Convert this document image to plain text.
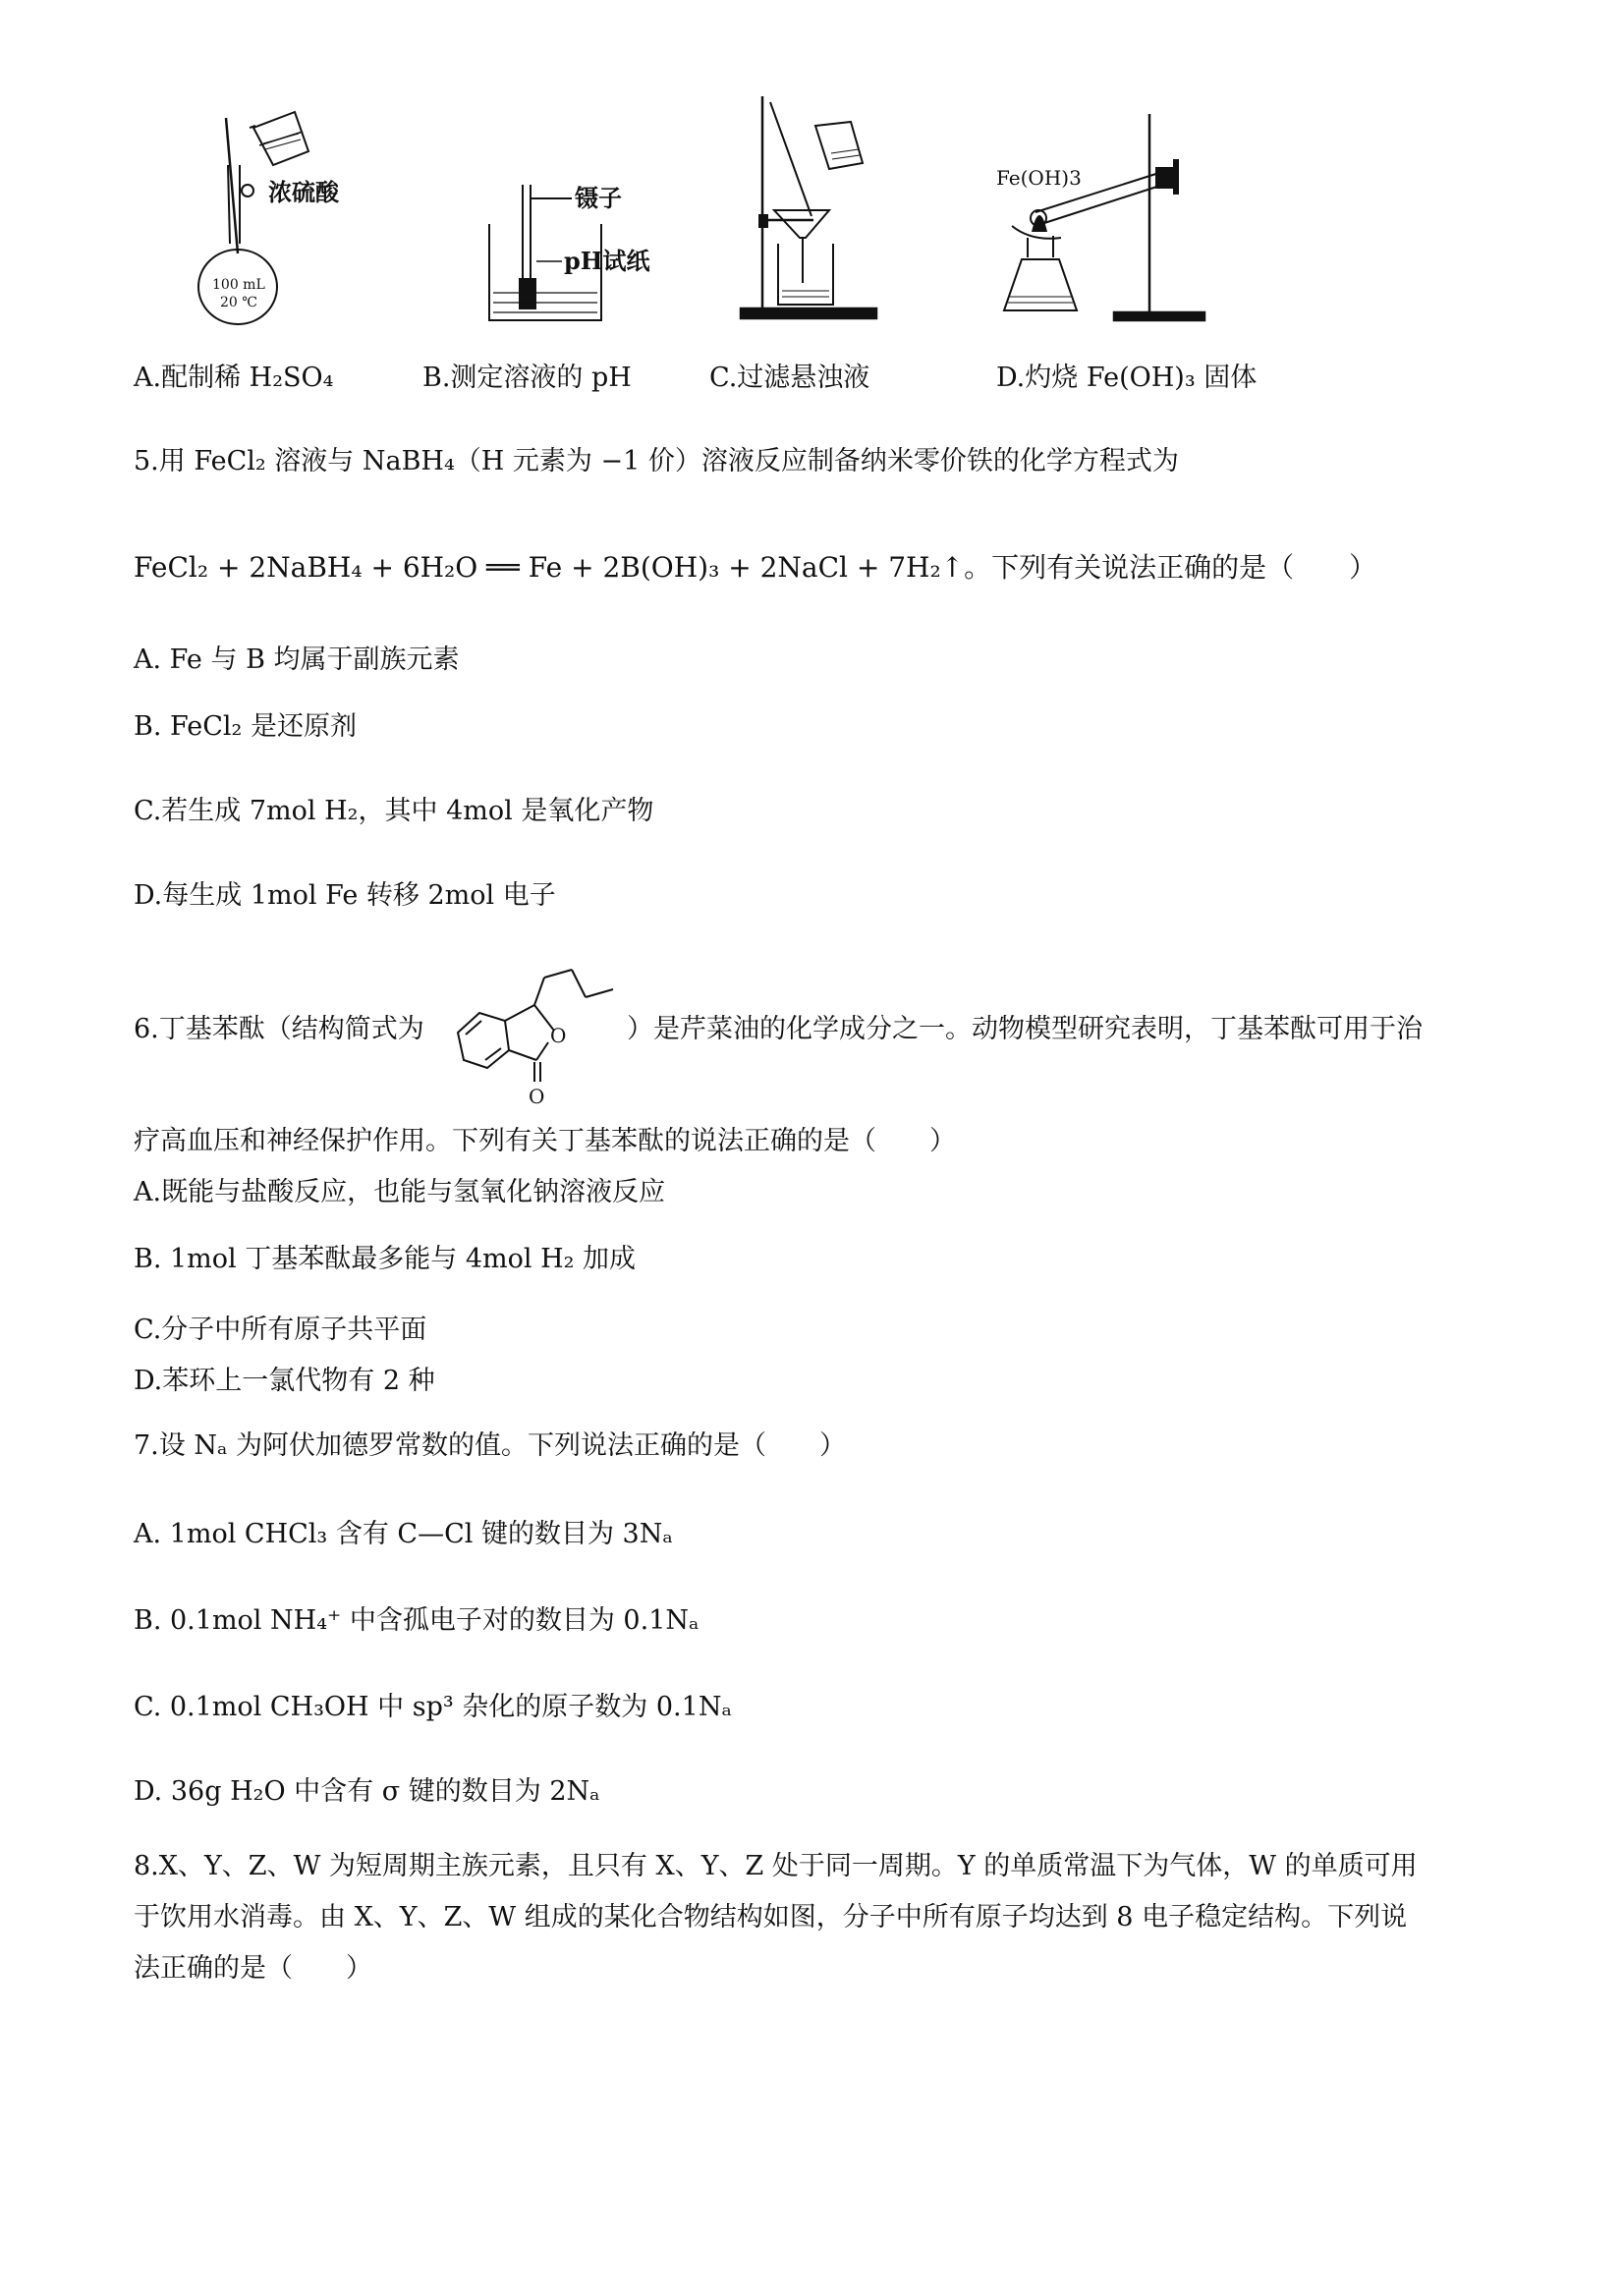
浓硫酸
100 mL
20 ℃
镊子
pH试纸
Fe(OH)3
A.配制稀 H₂SO₄	B.测定溶液的 pH	C.过滤悬浊液	D.灼烧 Fe(OH)₃ 固体
5.用 FeCl₂ 溶液与 NaBH₄（H 元素为 −1 价）溶液反应制备纳米零价铁的化学方程式为
FeCl₂ + 2NaBH₄ + 6H₂O ══ Fe + 2B(OH)₃ + 2NaCl + 7H₂↑。下列有关说法正确的是（　　）
A. Fe 与 B 均属于副族元素
B. FeCl₂ 是还原剂
C.若生成 7mol H₂，其中 4mol 是氧化产物
D.每生成 1mol Fe 转移 2mol 电子
6.丁基苯酞（结构简式为	O
O
）是芹菜油的化学成分之一。动物模型研究表明，丁基苯酞可用于治
疗高血压和神经保护作用。下列有关丁基苯酞的说法正确的是（　　）
A.既能与盐酸反应，也能与氢氧化钠溶液反应
B. 1mol 丁基苯酞最多能与 4mol H₂ 加成
C.分子中所有原子共平面
D.苯环上一氯代物有 2 种
7.设 Nₐ 为阿伏加德罗常数的值。下列说法正确的是（　　）
A. 1mol CHCl₃ 含有 C—Cl 键的数目为 3Nₐ
B. 0.1mol NH₄⁺ 中含孤电子对的数目为 0.1Nₐ
C. 0.1mol CH₃OH 中 sp³ 杂化的原子数为 0.1Nₐ
D. 36g H₂O 中含有 σ 键的数目为 2Nₐ
8.X、Y、Z、W 为短周期主族元素，且只有 X、Y、Z 处于同一周期。Y 的单质常温下为气体，W 的单质可用
于饮用水消毒。由 X、Y、Z、W 组成的某化合物结构如图，分子中所有原子均达到 8 电子稳定结构。下列说
法正确的是（　　）
